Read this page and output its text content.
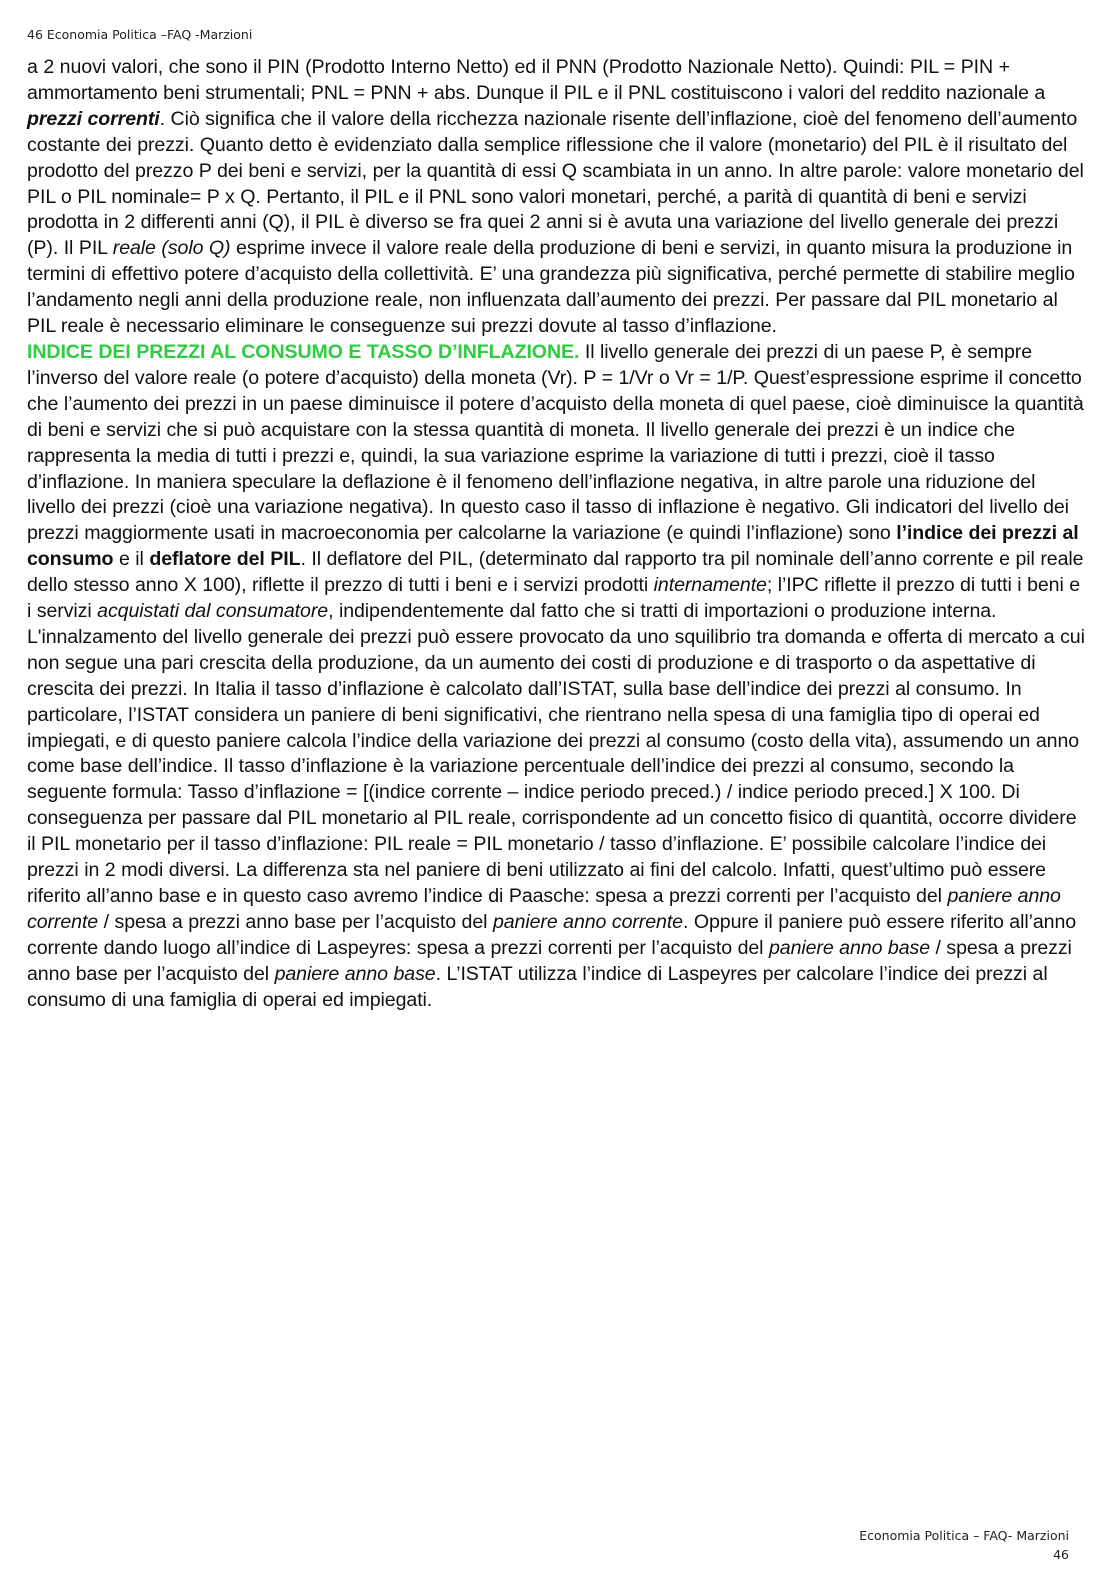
46 Economia Politica –FAQ -Marzioni

a 2 nuovi valori, che sono il PIN (Prodotto Interno Netto) ed il PNN (Prodotto Nazionale Netto). Quindi: PIL = PIN + ammortamento beni strumentali; PNL = PNN + abs. Dunque il PIL e il PNL costituiscono i valori del reddito nazionale a prezzi correnti. Ciò significa che il valore della ricchezza nazionale risente dell’inflazione, cioè del fenomeno dell’aumento costante dei prezzi. Quanto detto è evidenziato dalla semplice riflessione che il valore (monetario) del PIL è il risultato del prodotto del prezzo P dei beni e servizi, per la quantità di essi Q scambiata in un anno. In altre parole: valore monetario del PIL o PIL nominale= P x Q. Pertanto, il PIL e il PNL sono valori monetari, perché, a parità di quantità di beni e servizi prodotta in 2 differenti anni (Q), il PIL è diverso se fra quei 2 anni si è avuta una variazione del livello generale dei prezzi (P). Il PIL reale (solo Q) esprime invece il valore reale della produzione di beni e servizi, in quanto misura la produzione in termini di effettivo potere d’acquisto della collettività. E’ una grandezza più significativa, perché permette di stabilire meglio l’andamento negli anni della produzione reale, non influenzata dall’aumento dei prezzi. Per passare dal PIL monetario al PIL reale è necessario eliminare le conseguenze sui prezzi dovute al tasso d’inflazione.

INDICE DEI PREZZI AL CONSUMO E TASSO D’INFLAZIONE. Il livello generale dei prezzi di un paese P, è sempre l’inverso del valore reale (o potere d’acquisto) della moneta (Vr). P = 1/Vr o Vr = 1/P. Quest’espressione esprime il concetto che l’aumento dei prezzi in un paese diminuisce il potere d’acquisto della moneta di quel paese, cioè diminuisce la quantità di beni e servizi che si può acquistare con la stessa quantità di moneta. Il livello generale dei prezzi è un indice che rappresenta la media di tutti i prezzi e, quindi, la sua variazione esprime la variazione di tutti i prezzi, cioè il tasso d’inflazione. In maniera speculare la deflazione è il fenomeno dell’inflazione negativa, in altre parole una riduzione del livello dei prezzi (cioè una variazione negativa). In questo caso il tasso di inflazione è negativo. Gli indicatori del livello dei prezzi maggiormente usati in macroeconomia per calcolarne la variazione (e quindi l’inflazione) sono l’indice dei prezzi al consumo e il deflatore del PIL. Il deflatore del PIL, (determinato dal rapporto tra pil nominale dell’anno corrente e pil reale dello stesso anno X 100), riflette il prezzo di tutti i beni e i servizi prodotti internamente; l’IPC riflette il prezzo di tutti i beni e i servizi acquistati dal consumatore, indipendentemente dal fatto che si tratti di importazioni o produzione interna. L'innalzamento del livello generale dei prezzi può essere provocato da uno squilibrio tra domanda e offerta di mercato a cui non segue una pari crescita della produzione, da un aumento dei costi di produzione e di trasporto o da aspettative di crescita dei prezzi. In Italia il tasso d’inflazione è calcolato dall’ISTAT, sulla base dell’indice dei prezzi al consumo. In particolare, l’ISTAT considera un paniere di beni significativi, che rientrano nella spesa di una famiglia tipo di operai ed impiegati, e di questo paniere calcola l’indice della variazione dei prezzi al consumo (costo della vita), assumendo un anno come base dell’indice. Il tasso d’inflazione è la variazione percentuale dell’indice dei prezzi al consumo, secondo la seguente formula: Tasso d’inflazione = [(indice corrente – indice periodo preced.) / indice periodo preced.] X 100. Di conseguenza per passare dal PIL monetario al PIL reale, corrispondente ad un concetto fisico di quantità, occorre dividere il PIL monetario per il tasso d’inflazione: PIL reale = PIL monetario / tasso d’inflazione. E’ possibile calcolare l’indice dei prezzi in 2 modi diversi. La differenza sta nel paniere di beni utilizzato ai fini del calcolo. Infatti, quest’ultimo può essere riferito all’anno base e in questo caso avremo l’indice di Paasche: spesa a prezzi correnti per l’acquisto del paniere anno corrente / spesa a prezzi anno base per l’acquisto del paniere anno corrente. Oppure il paniere può essere riferito all’anno corrente dando luogo all’indice di Laspeyres: spesa a prezzi correnti per l’acquisto del paniere anno base / spesa a prezzi anno base per l’acquisto del paniere anno base. L’ISTAT utilizza l’indice di Laspeyres per calcolare l’indice dei prezzi al consumo di una famiglia di operai ed impiegati.

Economia Politica – FAQ- Marzioni
46
